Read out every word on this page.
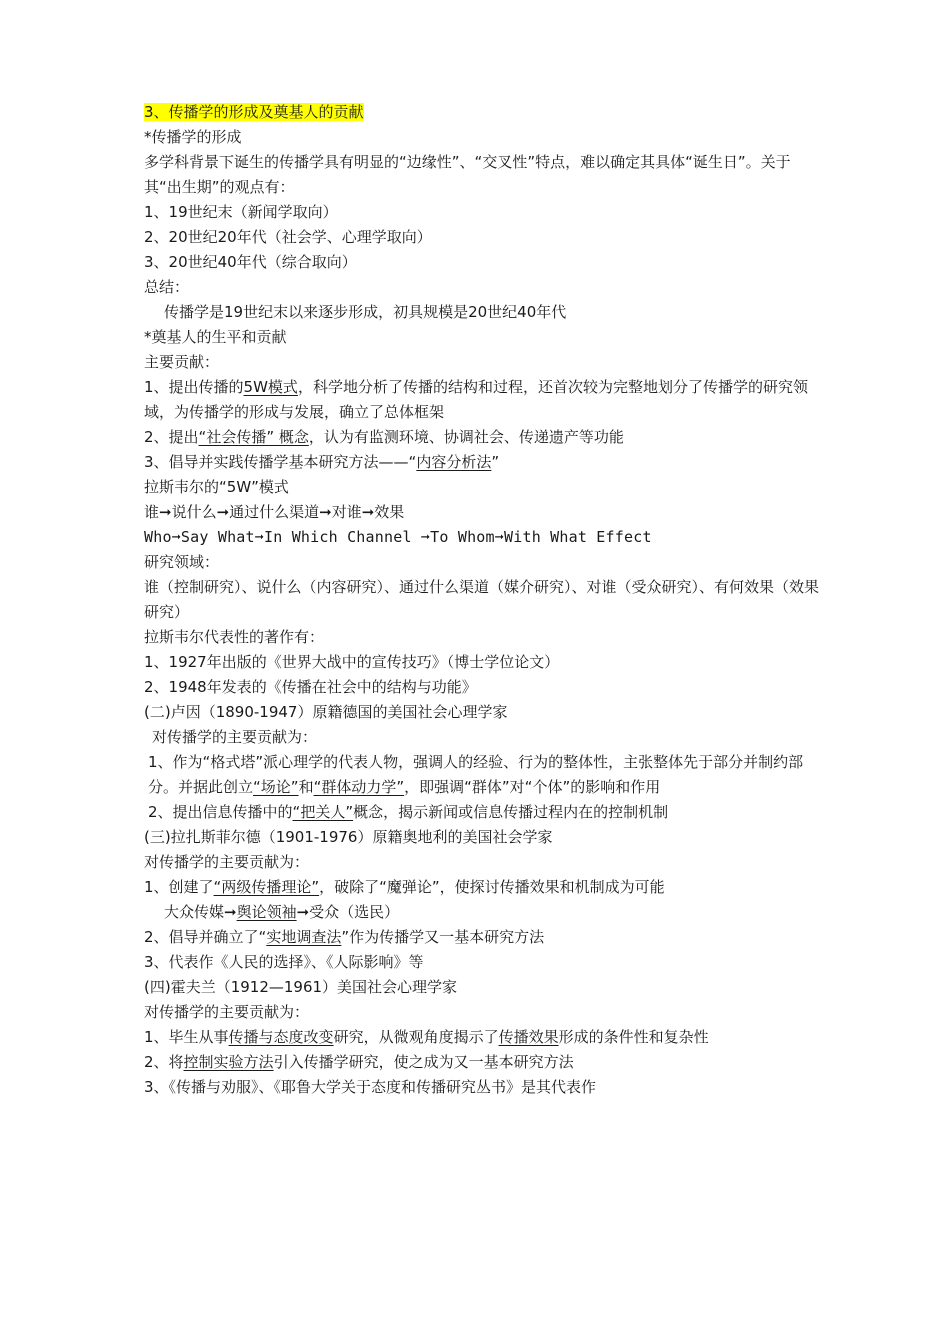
3、传播学的形成及奠基人的贡献
*传播学的形成
多学科背景下诞生的传播学具有明显的“边缘性”、“交叉性”特点，难以确定其具体“诞生日”。关于其“出生期”的观点有：
1、19世纪末（新闻学取向）
2、20世纪20年代（社会学、心理学取向）
3、20世纪40年代（综合取向）
总结：
传播学是19世纪末以来逐步形成，初具规模是20世纪40年代
*奠基人的生平和贡献
主要贡献：
1、提出传播的5W模式，科学地分析了传播的结构和过程，还首次较为完整地划分了传播学的研究领域，为传播学的形成与发展，确立了总体框架
2、提出“社会传播” 概念，认为有监测环境、协调社会、传递遗产等功能
3、倡导并实践传播学基本研究方法——“内容分析法”
拉斯韦尔的“5W”模式
谁➞说什么➞通过什么渠道➞对谁➞效果
Who➞Say What➞In Which Channel ➞To Whom➞With What Effect
研究领域：
谁（控制研究）、说什么（内容研究）、通过什么渠道（媒介研究）、对谁（受众研究）、有何效果（效果研究）
拉斯韦尔代表性的著作有：
1、1927年出版的《世界大战中的宣传技巧》（博士学位论文）
2、1948年发表的《传播在社会中的结构与功能》
(二)卢因（1890-1947）原籍德国的美国社会心理学家
对传播学的主要贡献为：
1、作为“格式塔”派心理学的代表人物，强调人的经验、行为的整体性，主张整体先于部分并制约部分。并据此创立“场论”和“群体动力学”，即强调“群体”对“个体”的影响和作用
2、提出信息传播中的“把关人”概念，揭示新闻或信息传播过程内在的控制机制
(三)拉扎斯菲尔德（1901-1976）原籍奥地利的美国社会学家
对传播学的主要贡献为：
1、创建了“两级传播理论”，破除了“魔弹论”，使探讨传播效果和机制成为可能
大众传媒➞舆论领袖➞受众（选民）
2、倡导并确立了“实地调查法”作为传播学又一基本研究方法
3、代表作《人民的选择》、《人际影响》等
(四)霍夫兰（1912—1961）美国社会心理学家
对传播学的主要贡献为：
1、毕生从事传播与态度改变研究，从微观角度揭示了传播效果形成的条件性和复杂性
2、将控制实验方法引入传播学研究，使之成为又一基本研究方法
3、《传播与劝服》、《耶鲁大学关于态度和传播研究丛书》是其代表作
